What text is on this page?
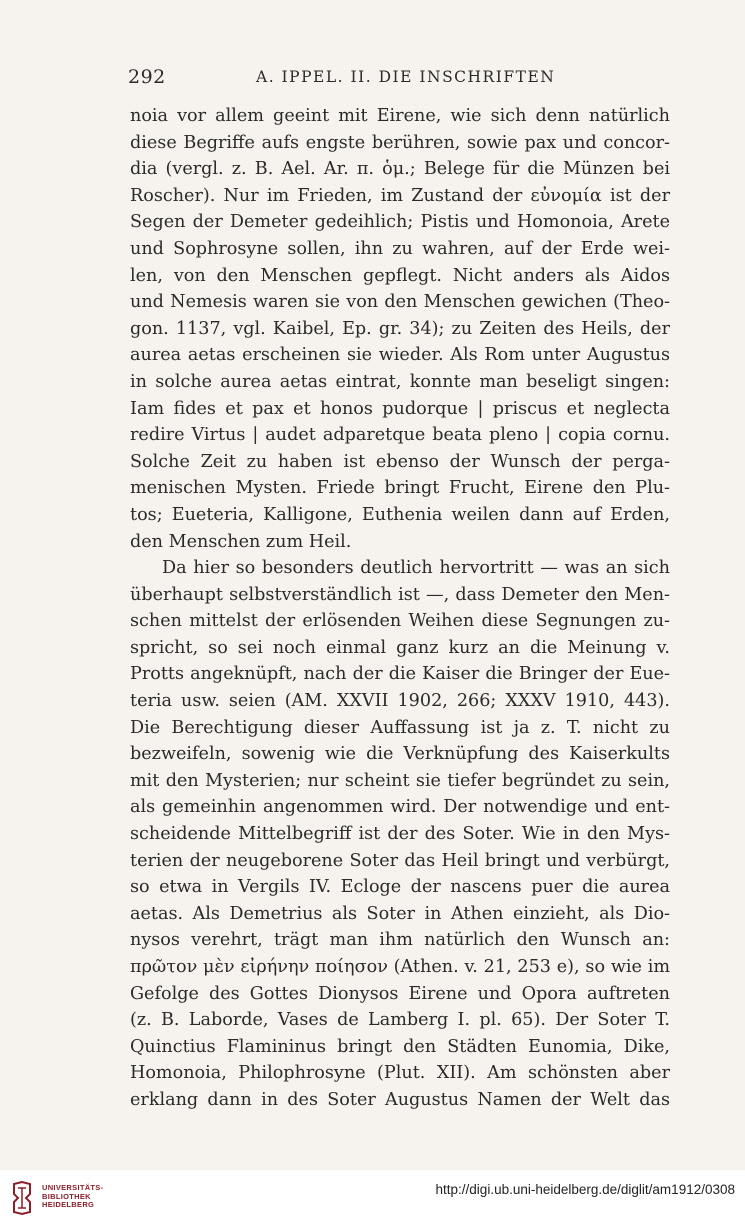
292	A. IPPEL. II. DIE INSCHRIFTEN
noia vor allem geeint mit Eirene, wie sich denn natürlich
diese Begriffe aufs engste berühren, sowie pax und concor-
dia (vergl. z. B. Ael. Ar. π. ὁμ.; Belege für die Münzen bei
Roscher). Nur im Frieden, im Zustand der εὐνομία ist der
Segen der Demeter gedeihlich; Pistis und Homonoia, Arete
und Sophrosyne sollen, ihn zu wahren, auf der Erde wei-
len, von den Menschen gepflegt. Nicht anders als Aidos
und Nemesis waren sie von den Menschen gewichen (Theo-
gon. 1137, vgl. Kaibel, Ep. gr. 34); zu Zeiten des Heils, der
aurea aetas erscheinen sie wieder. Als Rom unter Augustus
in solche aurea aetas eintrat, konnte man beseligt singen:
Iam fides et pax et honos pudorque | priscus et neglecta
redire Virtus | audet adparetque beata pleno | copia cornu.
Solche Zeit zu haben ist ebenso der Wunsch der perga-
menischen Mysten. Friede bringt Frucht, Eirene den Plu-
tos; Eueteria, Kalligone, Euthenia weilen dann auf Erden,
den Menschen zum Heil.
Da hier so besonders deutlich hervortritt — was an sich
überhaupt selbstverständlich ist —, dass Demeter den Men-
schen mittelst der erlösenden Weihen diese Segnungen zu-
spricht, so sei noch einmal ganz kurz an die Meinung v.
Protts angeknüpft, nach der die Kaiser die Bringer der Eue-
teria usw. seien (AM. XXVII 1902, 266; XXXV 1910, 443).
Die Berechtigung dieser Auffassung ist ja z. T. nicht zu
bezweifeln, sowenig wie die Verknüpfung des Kaiserkults
mit den Mysterien; nur scheint sie tiefer begründet zu sein,
als gemeinhin angenommen wird. Der notwendige und ent-
scheidende Mittelbegriff ist der des Soter. Wie in den Mys-
terien der neugeborene Soter das Heil bringt und verbürgt,
so etwa in Vergils IV. Ecloge der nascens puer die aurea
aetas. Als Demetrius als Soter in Athen einzieht, als Dio-
nysos verehrt, trägt man ihm natürlich den Wunsch an:
πρῶτον μὲν εἰρήνην ποίησον (Athen. v. 21, 253 e), so wie im
Gefolge des Gottes Dionysos Eirene und Opora auftreten
(z. B. Laborde, Vases de Lamberg I. pl. 65). Der Soter T.
Quinctius Flamininus bringt den Städten Eunomia, Dike,
Homonoia, Philophrosyne (Plut. XII). Am schönsten aber
erklang dann in des Soter Augustus Namen der Welt das
UNIVERSITÄTS-
BIBLIOTHEK
HEIDELBERG
http://digi.ub.uni-heidelberg.de/diglit/am1912/0308
